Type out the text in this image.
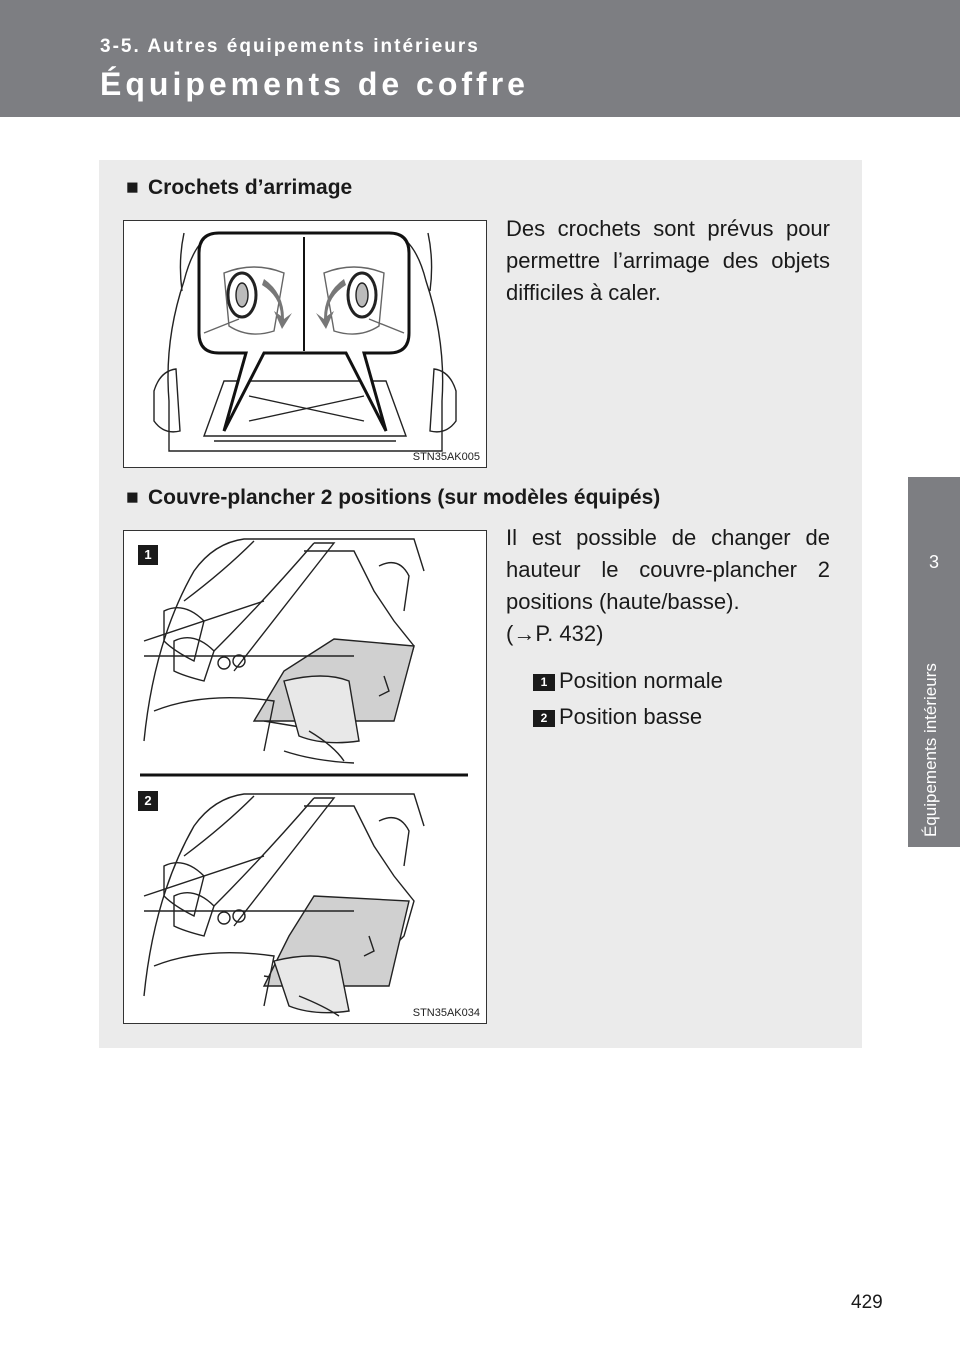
3-5. Autres équipements intérieurs
Équipements de coffre
3
Équipements intérieurs
■ Crochets d’arrimage
Des crochets sont prévus pour permettre l’arrimage des objets difficiles à caler.
STN35AK005
■ Couvre-plancher 2 positions (sur modèles équipés)
Il est possible de changer de hauteur le couvre-plancher 2 positions (haute/basse).
(→P. 432)
1 Position normale
2 Position basse
1
2
STN35AK034
429
